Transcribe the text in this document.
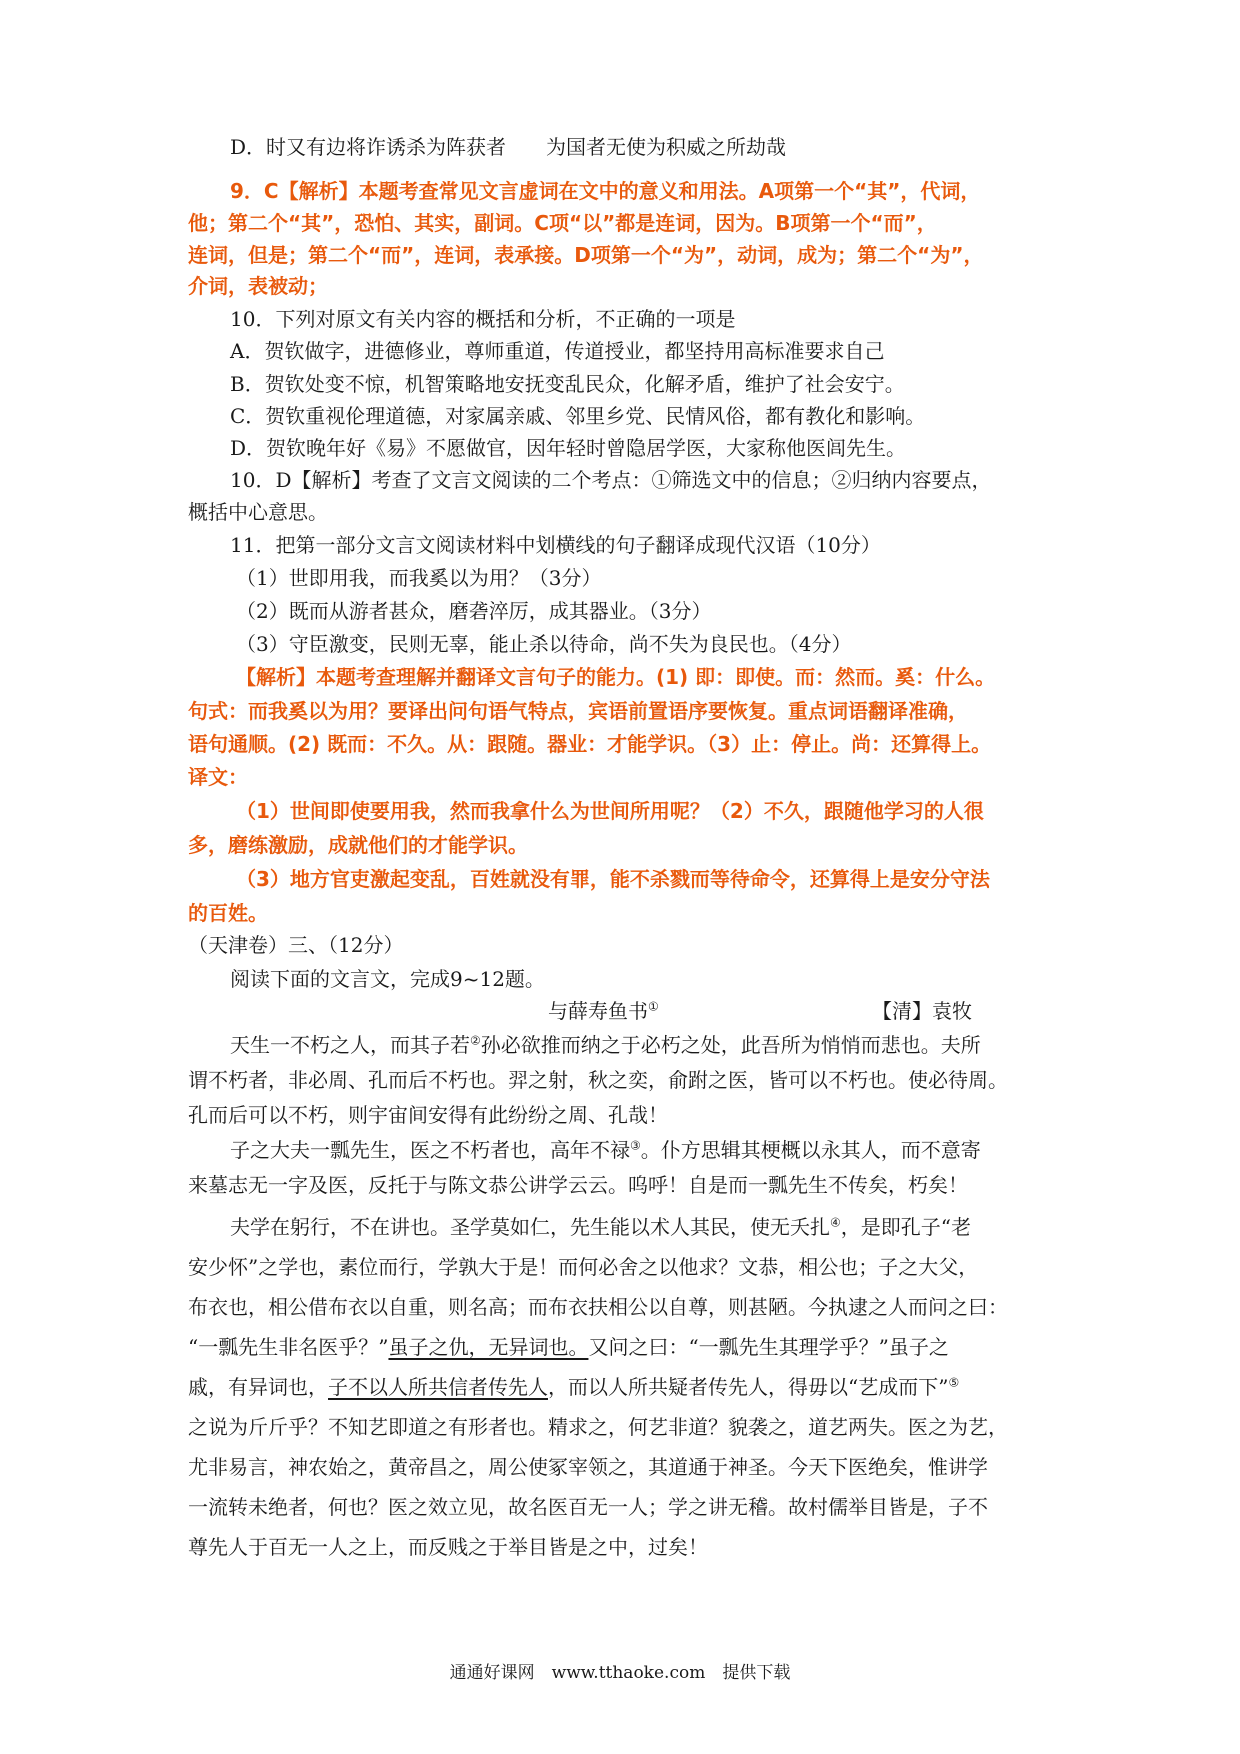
D．时又有边将诈诱杀为阵获者　　为国者无使为积威之所劫哉
9．C【解析】本题考查常见文言虚词在文中的意义和用法。A项第一个“其”，代词，
他；第二个“其”，恐怕、其实，副词。C项“以”都是连词，因为。B项第一个“而”，
连词，但是；第二个“而”，连词，表承接。D项第一个“为”，动词，成为；第二个“为”，
介词，表被动；
10．下列对原文有关内容的概括和分析，不正确的一项是
A．贺钦做字，进德修业，尊师重道，传道授业，都坚持用高标准要求自己
B．贺钦处变不惊，机智策略地安抚变乱民众，化解矛盾，维护了社会安宁。
C．贺钦重视伦理道德，对家属亲戚、邻里乡党、民情风俗，都有教化和影响。
D．贺钦晚年好《易》不愿做官，因年轻时曾隐居学医，大家称他医闾先生。
10．D【解析】考查了文言文阅读的二个考点：①筛选文中的信息；②归纳内容要点，
概括中心意思。
11．把第一部分文言文阅读材料中划横线的句子翻译成现代汉语（10分）
（1）世即用我，而我奚以为用？（3分）
（2）既而从游者甚众，磨砻淬厉，成其器业。（3分）
（3）守臣激变，民则无辜，能止杀以待命，尚不失为良民也。（4分）
【解析】本题考查理解并翻译文言句子的能力。(1) 即：即使。而：然而。奚：什么。
句式：而我奚以为用？要译出问句语气特点，宾语前置语序要恢复。重点词语翻译准确，
语句通顺。(2) 既而：不久。从：跟随。器业：才能学识。（3）止：停止。尚：还算得上。
译文：
（1）世间即使要用我，然而我拿什么为世间所用呢？（2）不久，跟随他学习的人很
多，磨练激励，成就他们的才能学识。
（3）地方官吏激起变乱，百姓就没有罪，能不杀戮而等待命令，还算得上是安分守法
的百姓。
（天津卷）三、（12分）
阅读下面的文言文，完成9~12题。
与薛寿鱼书①	【清】袁牧
天生一不朽之人，而其子若②孙必欲推而纳之于必朽之处，此吾所为悄悄而悲也。夫所
谓不朽者，非必周、孔而后不朽也。羿之射，秋之奕，俞跗之医，皆可以不朽也。使必待周。
孔而后可以不朽，则宇宙间安得有此纷纷之周、孔哉！
子之大夫一瓢先生，医之不朽者也，高年不禄③。仆方思辑其梗概以永其人，而不意寄
来墓志无一字及医，反托于与陈文恭公讲学云云。呜呼！自是而一瓢先生不传矣，朽矣！
夫学在躬行，不在讲也。圣学莫如仁，先生能以术人其民，使无夭扎④，是即孔子“老
安少怀”之学也，素位而行，学孰大于是！而何必舍之以他求？文恭，相公也；子之大父，
布衣也，相公借布衣以自重，则名高；而布衣扶相公以自尊，则甚陋。今执逮之人而问之曰：
“一瓢先生非名医乎？”虽子之仇，无异词也。又问之曰：“一瓢先生其理学乎？”虽子之
戚，有异词也，子不以人所共信者传先人，而以人所共疑者传先人，得毋以“艺成而下”⑤
之说为斤斤乎？不知艺即道之有形者也。精求之，何艺非道？貌袭之，道艺两失。医之为艺，
尤非易言，神农始之，黄帝昌之，周公使冢宰领之，其道通于神圣。今天下医绝矣，惟讲学
一流转未绝者，何也？医之效立见，故名医百无一人；学之讲无稽。故村儒举目皆是，子不
尊先人于百无一人之上，而反贱之于举目皆是之中，过矣！
通通好课网　www.tthaoke.com　提供下载
